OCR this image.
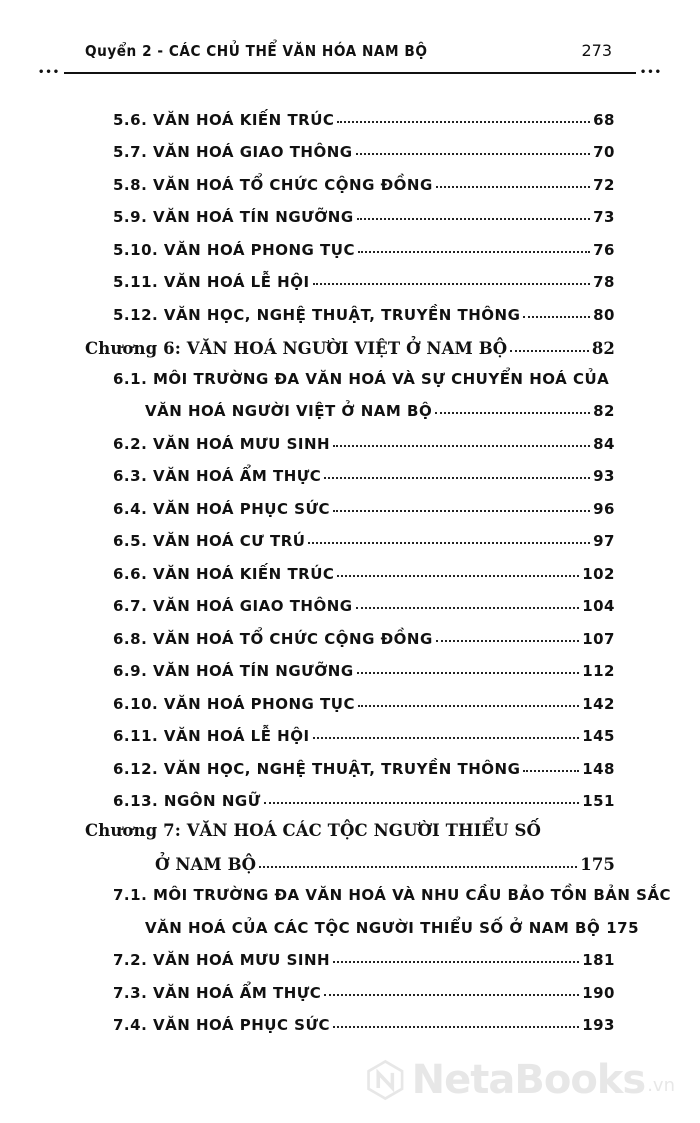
Quyển 2 - CÁC CHỦ THỂ VĂN HÓA NAM BỘ	273
•••	•••
5.6. VĂN HOÁ KIẾN TRÚC	68
5.7. VĂN HOÁ GIAO THÔNG	70
5.8. VĂN HOÁ TỔ CHỨC CỘNG ĐỒNG	72
5.9. VĂN HOÁ TÍN NGƯỠNG	73
5.10. VĂN HOÁ PHONG TỤC	76
5.11. VĂN HOÁ LỄ HỘI	78
5.12. VĂN HỌC, NGHỆ THUẬT, TRUYỀN THÔNG	80
Chương 6: VĂN HOÁ NGƯỜI VIỆT Ở NAM BỘ	82
6.1. MÔI TRƯỜNG ĐA VĂN HOÁ VÀ SỰ CHUYỂN HOÁ CỦA
VĂN HOÁ NGƯỜI VIỆT Ở NAM BỘ	82
6.2. VĂN HOÁ MƯU SINH	84
6.3. VĂN HOÁ ẨM THỰC	93
6.4. VĂN HOÁ PHỤC SỨC	96
6.5. VĂN HOÁ CƯ TRÚ	97
6.6. VĂN HOÁ KIẾN TRÚC	102
6.7. VĂN HOÁ GIAO THÔNG	104
6.8. VĂN HOÁ TỔ CHỨC CỘNG ĐỒNG	107
6.9. VĂN HOÁ TÍN NGƯỠNG	112
6.10. VĂN HOÁ PHONG TỤC	142
6.11. VĂN HOÁ LỄ HỘI	145
6.12. VĂN HỌC, NGHỆ THUẬT, TRUYỀN THÔNG	148
6.13. NGÔN NGỮ	151
Chương 7: VĂN HOÁ CÁC TỘC NGƯỜI THIỂU SỐ
Ở NAM BỘ	175
7.1. MÔI TRƯỜNG ĐA VĂN HOÁ VÀ NHU CẦU BẢO TỒN BẢN SẮC
VĂN HOÁ CỦA CÁC TỘC NGƯỜI THIỂU SỐ Ở NAM BỘ 175
7.2. VĂN HOÁ MƯU SINH	181
7.3. VĂN HOÁ ẨM THỰC	190
7.4. VĂN HOÁ PHỤC SỨC	193
NetaBooks .vn
